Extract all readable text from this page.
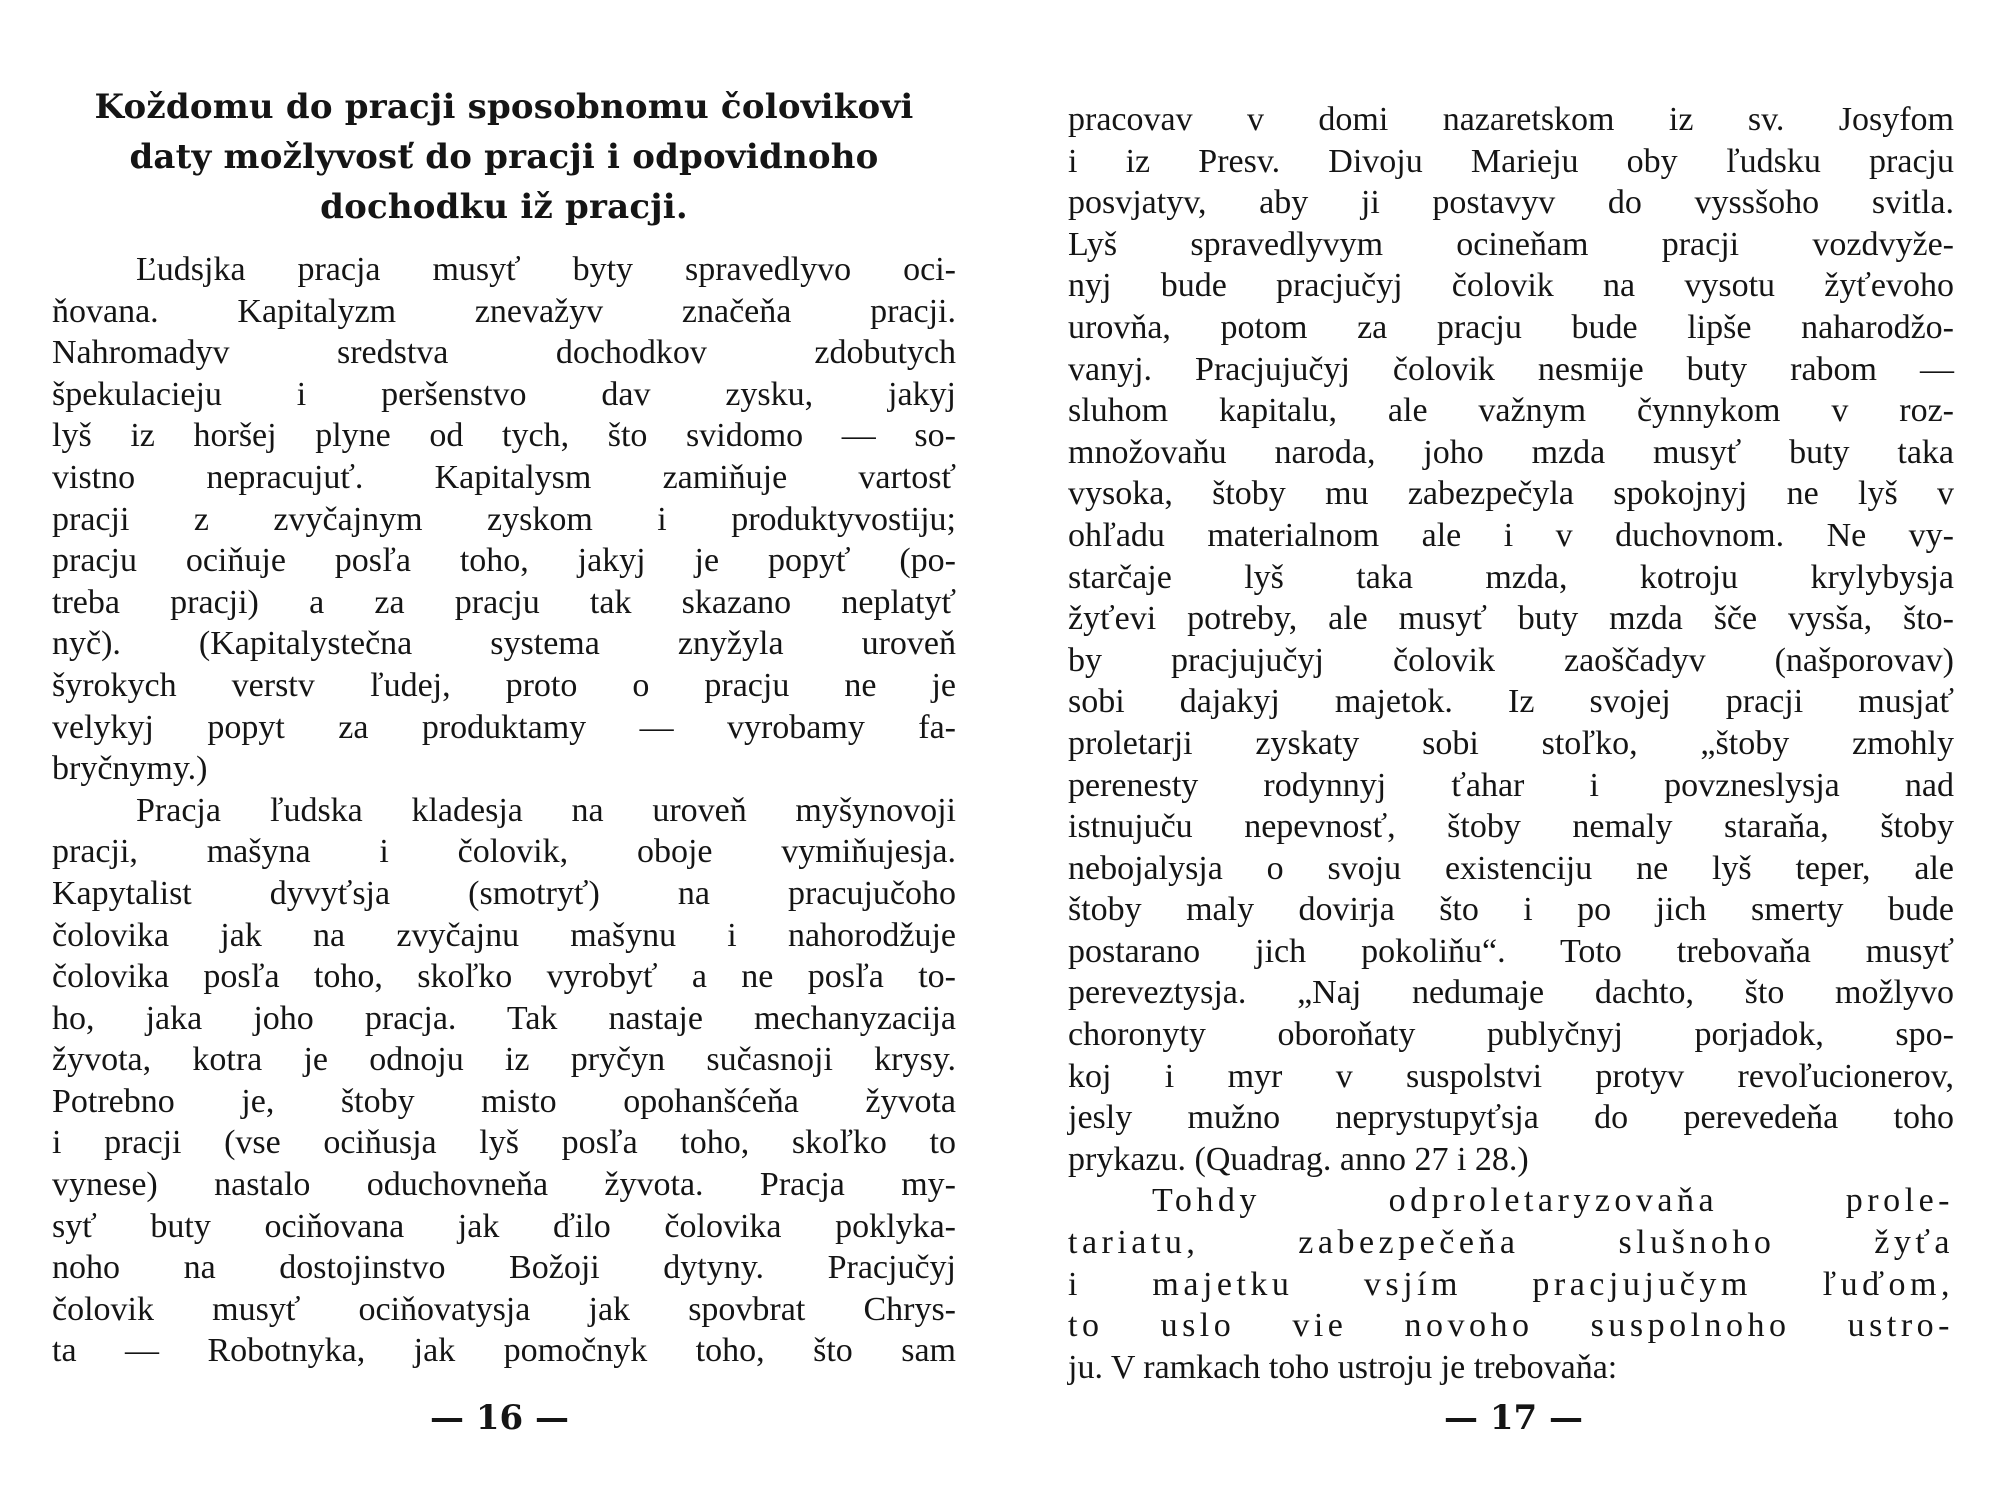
Koždomu do pracji sposobnomu čolovikovi
daty možlyvosť do pracji i odpovidnoho
dochodku iž pracji.
Ľudsjka pracja musyť byty spravedlyvo oci-
ňovana. Kapitalyzm znevažyv značeňa pracji.
Nahromadyv sredstva dochodkov zdobutych
špekulacieju i peršenstvo dav zysku, jakyj
lyš iz horšej plyne od tych, što svidomo — so-
vistno nepracujuť. Kapitalysm zamiňuje vartosť
pracji z zvyčajnym zyskom i produktyvostiju;
pracju ociňuje posľa toho, jakyj je popyť (po-
treba pracji) a za pracju tak skazano neplatyť
nyč). (Kapitalystečna systema znyžyla uroveň
šyrokych verstv ľudej, proto o pracju ne je
velykyj popyt za produktamy — vyrobamy fa-
bryčnymy.)
Pracja ľudska kladesja na uroveň myšynovoji
pracji, mašyna i čolovik, oboje vymiňujesja.
Kapytalist dyvyťsja (smotryť) na pracujučoho
čolovika jak na zvyčajnu mašynu i nahorodžuje
čolovika posľa toho, skoľko vyrobyť a ne posľa to-
ho, jaka joho pracja. Tak nastaje mechanyzacija
žyvota, kotra je odnoju iz pryčyn sučasnoji krysy.
Potrebno je, štoby misto opohanšćeňa žyvota
i pracji (vse ociňusja lyš posľa toho, skoľko to
vynese) nastalo oduchovneňa žyvota. Pracja my-
syť buty ociňovana jak ďilo čolovika poklyka-
noho na dostojinstvo Božoji dytyny. Pracjučyj
čolovik musyť ociňovatysja jak spovbrat Chrys-
ta — Robotnyka, jak pomočnyk toho, što sam

— 16 —

pracovav v domi nazaretskom iz sv. Josyfom
i iz Presv. Divoju Marieju oby ľudsku pracju
posvjatyv, aby ji postavyv do vyssšoho svitla.
Lyš spravedlyvym ocineňam pracji vozdvyže-
nyj bude pracjučyj čolovik na vysotu žyťevoho
urovňa, potom za pracju bude lipše naharodžo-
vanyj. Pracjujučyj čolovik nesmije buty rabom —
sluhom kapitalu, ale važnym čynnykom v roz-
množovaňu naroda, joho mzda musyť buty taka
vysoka, štoby mu zabezpečyla spokojnyj ne lyš v
ohľadu materialnom ale i v duchovnom. Ne vy-
starčaje lyš taka mzda, kotroju krylybysja
žyťevi potreby, ale musyť buty mzda šče vysša, što-
by pracjujučyj čolovik zaoščadyv (našporovav)
sobi dajakyj majetok. Iz svojej pracji musjať
proletarji zyskaty sobi stoľko, „štoby zmohly
perenesty rodynnyj ťahar i povzneslysja nad
istnujuču nepevnosť, štoby nemaly staraňa, štoby
nebojalysja o svoju existenciju ne lyš teper, ale
štoby maly dovirja što i po jich smerty bude
postarano jich pokoliňu“. Toto trebovaňa musyť
pereveztysja. „Naj nedumaje dachto, što možlyvo
choronyty oboroňaty publyčnyj porjadok, spo-
koj i myr v suspolstvi protyv revoľucionerov,
jesly mužno neprystupyťsja do perevedeňa toho
prykazu. (Quadrag. anno 27 i 28.)
Tohdy odproletaryzovaňa prole-
tariatu, zabezpečeňa slušnoho žyťa
i majetku vsjím pracjujučym ľuďom,
to uslo vie novoho suspolnoho ustro-
ju. V ramkach toho ustroju je trebovaňa:

— 17 —
